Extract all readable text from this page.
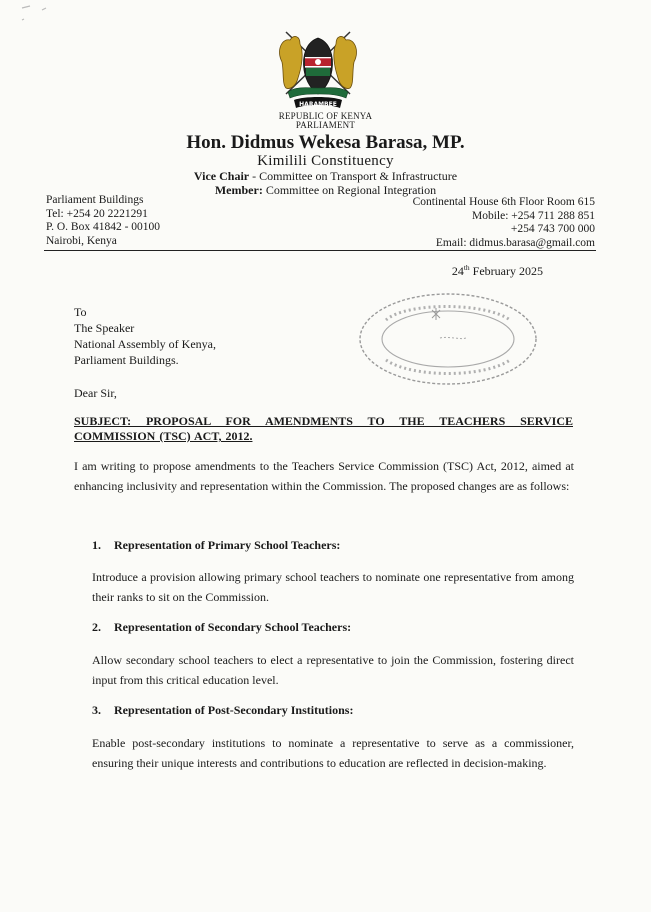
HARAMBEE
REPUBLIC OF KENYA
PARLIAMENT
Hon. Didmus Wekesa Barasa, MP.
Kimilili Constituency
Vice Chair - Committee on Transport & Infrastructure
Member: Committee on Regional Integration
Parliament Buildings
Tel: +254 20 2221291
P. O. Box 41842 - 00100
Nairobi, Kenya
Continental House 6th Floor Room 615
Mobile: +254 711 288 851
+254 743 700 000
Email: didmus.barasa@gmail.com
24th February 2025
To
The Speaker
National Assembly of Kenya,
Parliament Buildings.
Dear Sir,
SUBJECT: PROPOSAL FOR AMENDMENTS TO THE TEACHERS SERVICE COMMISSION (TSC) ACT, 2012.
I am writing to propose amendments to the Teachers Service Commission (TSC) Act, 2012, aimed at enhancing inclusivity and representation within the Commission. The proposed changes are as follows:
1. Representation of Primary School Teachers:
Introduce a provision allowing primary school teachers to nominate one representative from among their ranks to sit on the Commission.
2. Representation of Secondary School Teachers:
Allow secondary school teachers to elect a representative to join the Commission, fostering direct input from this critical education level.
3. Representation of Post-Secondary Institutions:
Enable post-secondary institutions to nominate a representative to serve as a commissioner, ensuring their unique interests and contributions to education are reflected in decision-making.
